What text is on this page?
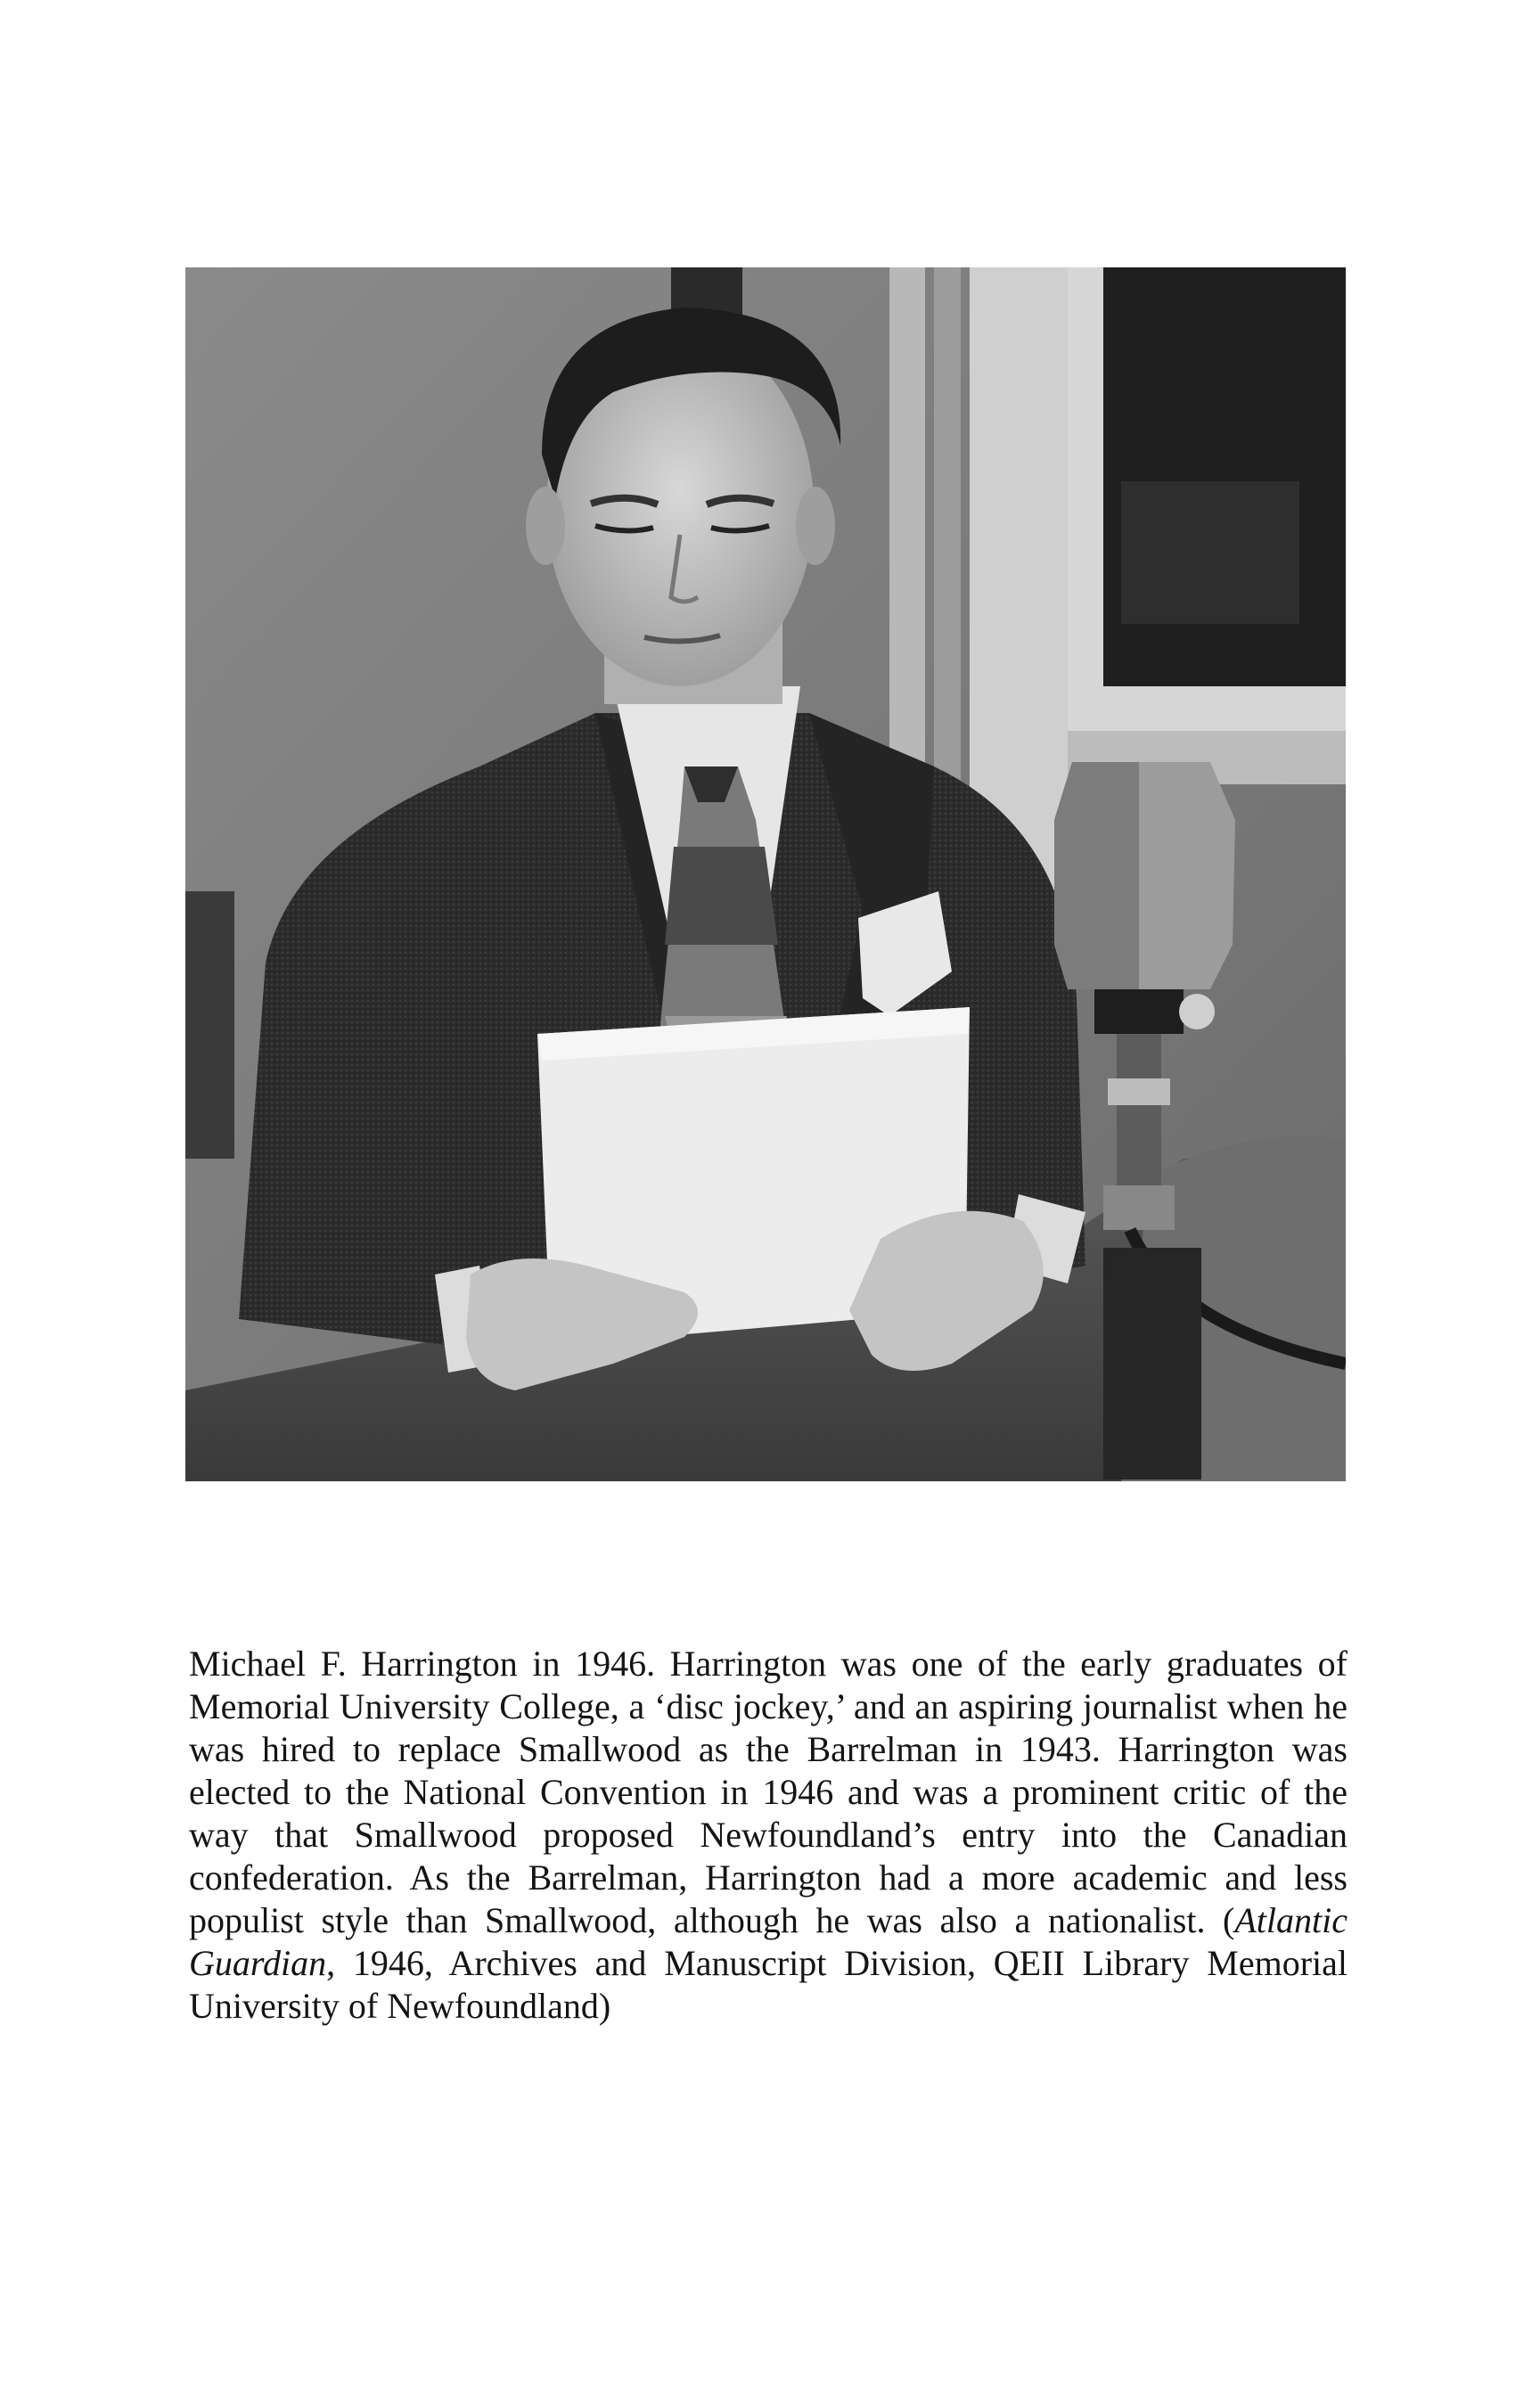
Michael F. Harrington in 1946. Harrington was one of the early graduates of Memorial University College, a ‘disc jockey,’ and an aspiring journalist when he was hired to replace Smallwood as the Barrelman in 1943. Harrington was elected to the National Convention in 1946 and was a prominent critic of the way that Smallwood proposed Newfoundland’s entry into the Canadian confederation. As the Barrelman, Harrington had a more academic and less populist style than Smallwood, although he was also a nationalist. (Atlantic Guardian, 1946, Archives and Manuscript Division, QEII Library Memorial University of Newfoundland)
